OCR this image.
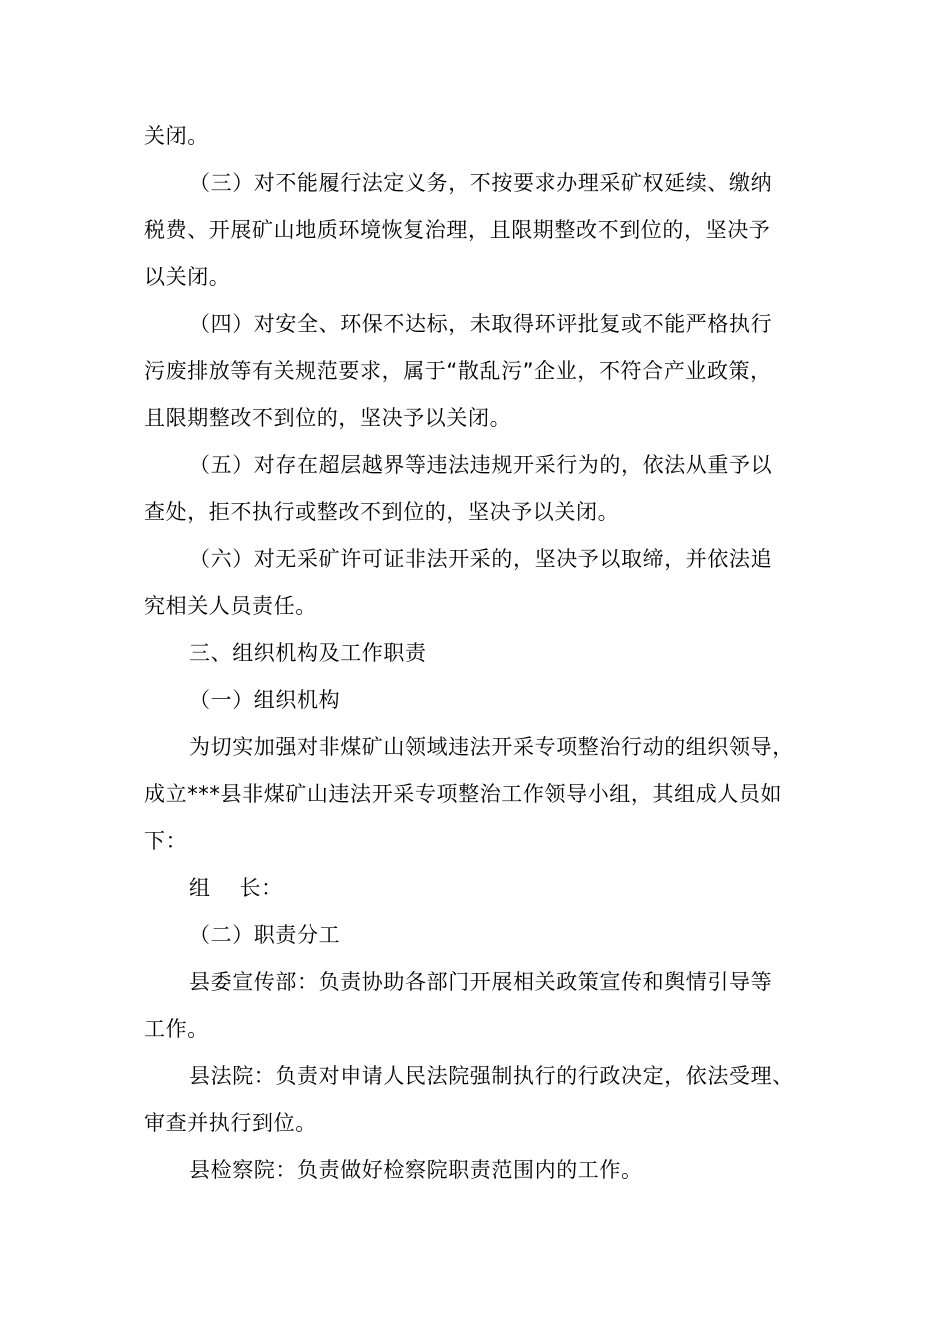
关闭。
（三）对不能履行法定义务，不按要求办理采矿权延续、缴纳
税费、开展矿山地质环境恢复治理，且限期整改不到位的，坚决予
以关闭。
（四）对安全、环保不达标，未取得环评批复或不能严格执行
污废排放等有关规范要求，属于“散乱污”企业，不符合产业政策，
且限期整改不到位的，坚决予以关闭。
（五）对存在超层越界等违法违规开采行为的，依法从重予以
查处，拒不执行或整改不到位的，坚决予以关闭。
（六）对无采矿许可证非法开采的，坚决予以取缔，并依法追
究相关人员责任。
三、组织机构及工作职责
（一）组织机构
为切实加强对非煤矿山领域违法开采专项整治行动的组织领导，
成立***县非煤矿山违法开采专项整治工作领导小组，其组成人员如
下：
组　 长：
（二）职责分工
县委宣传部：负责协助各部门开展相关政策宣传和舆情引导等
工作。
县法院：负责对申请人民法院强制执行的行政决定，依法受理、
审查并执行到位。
县检察院：负责做好检察院职责范围内的工作。
